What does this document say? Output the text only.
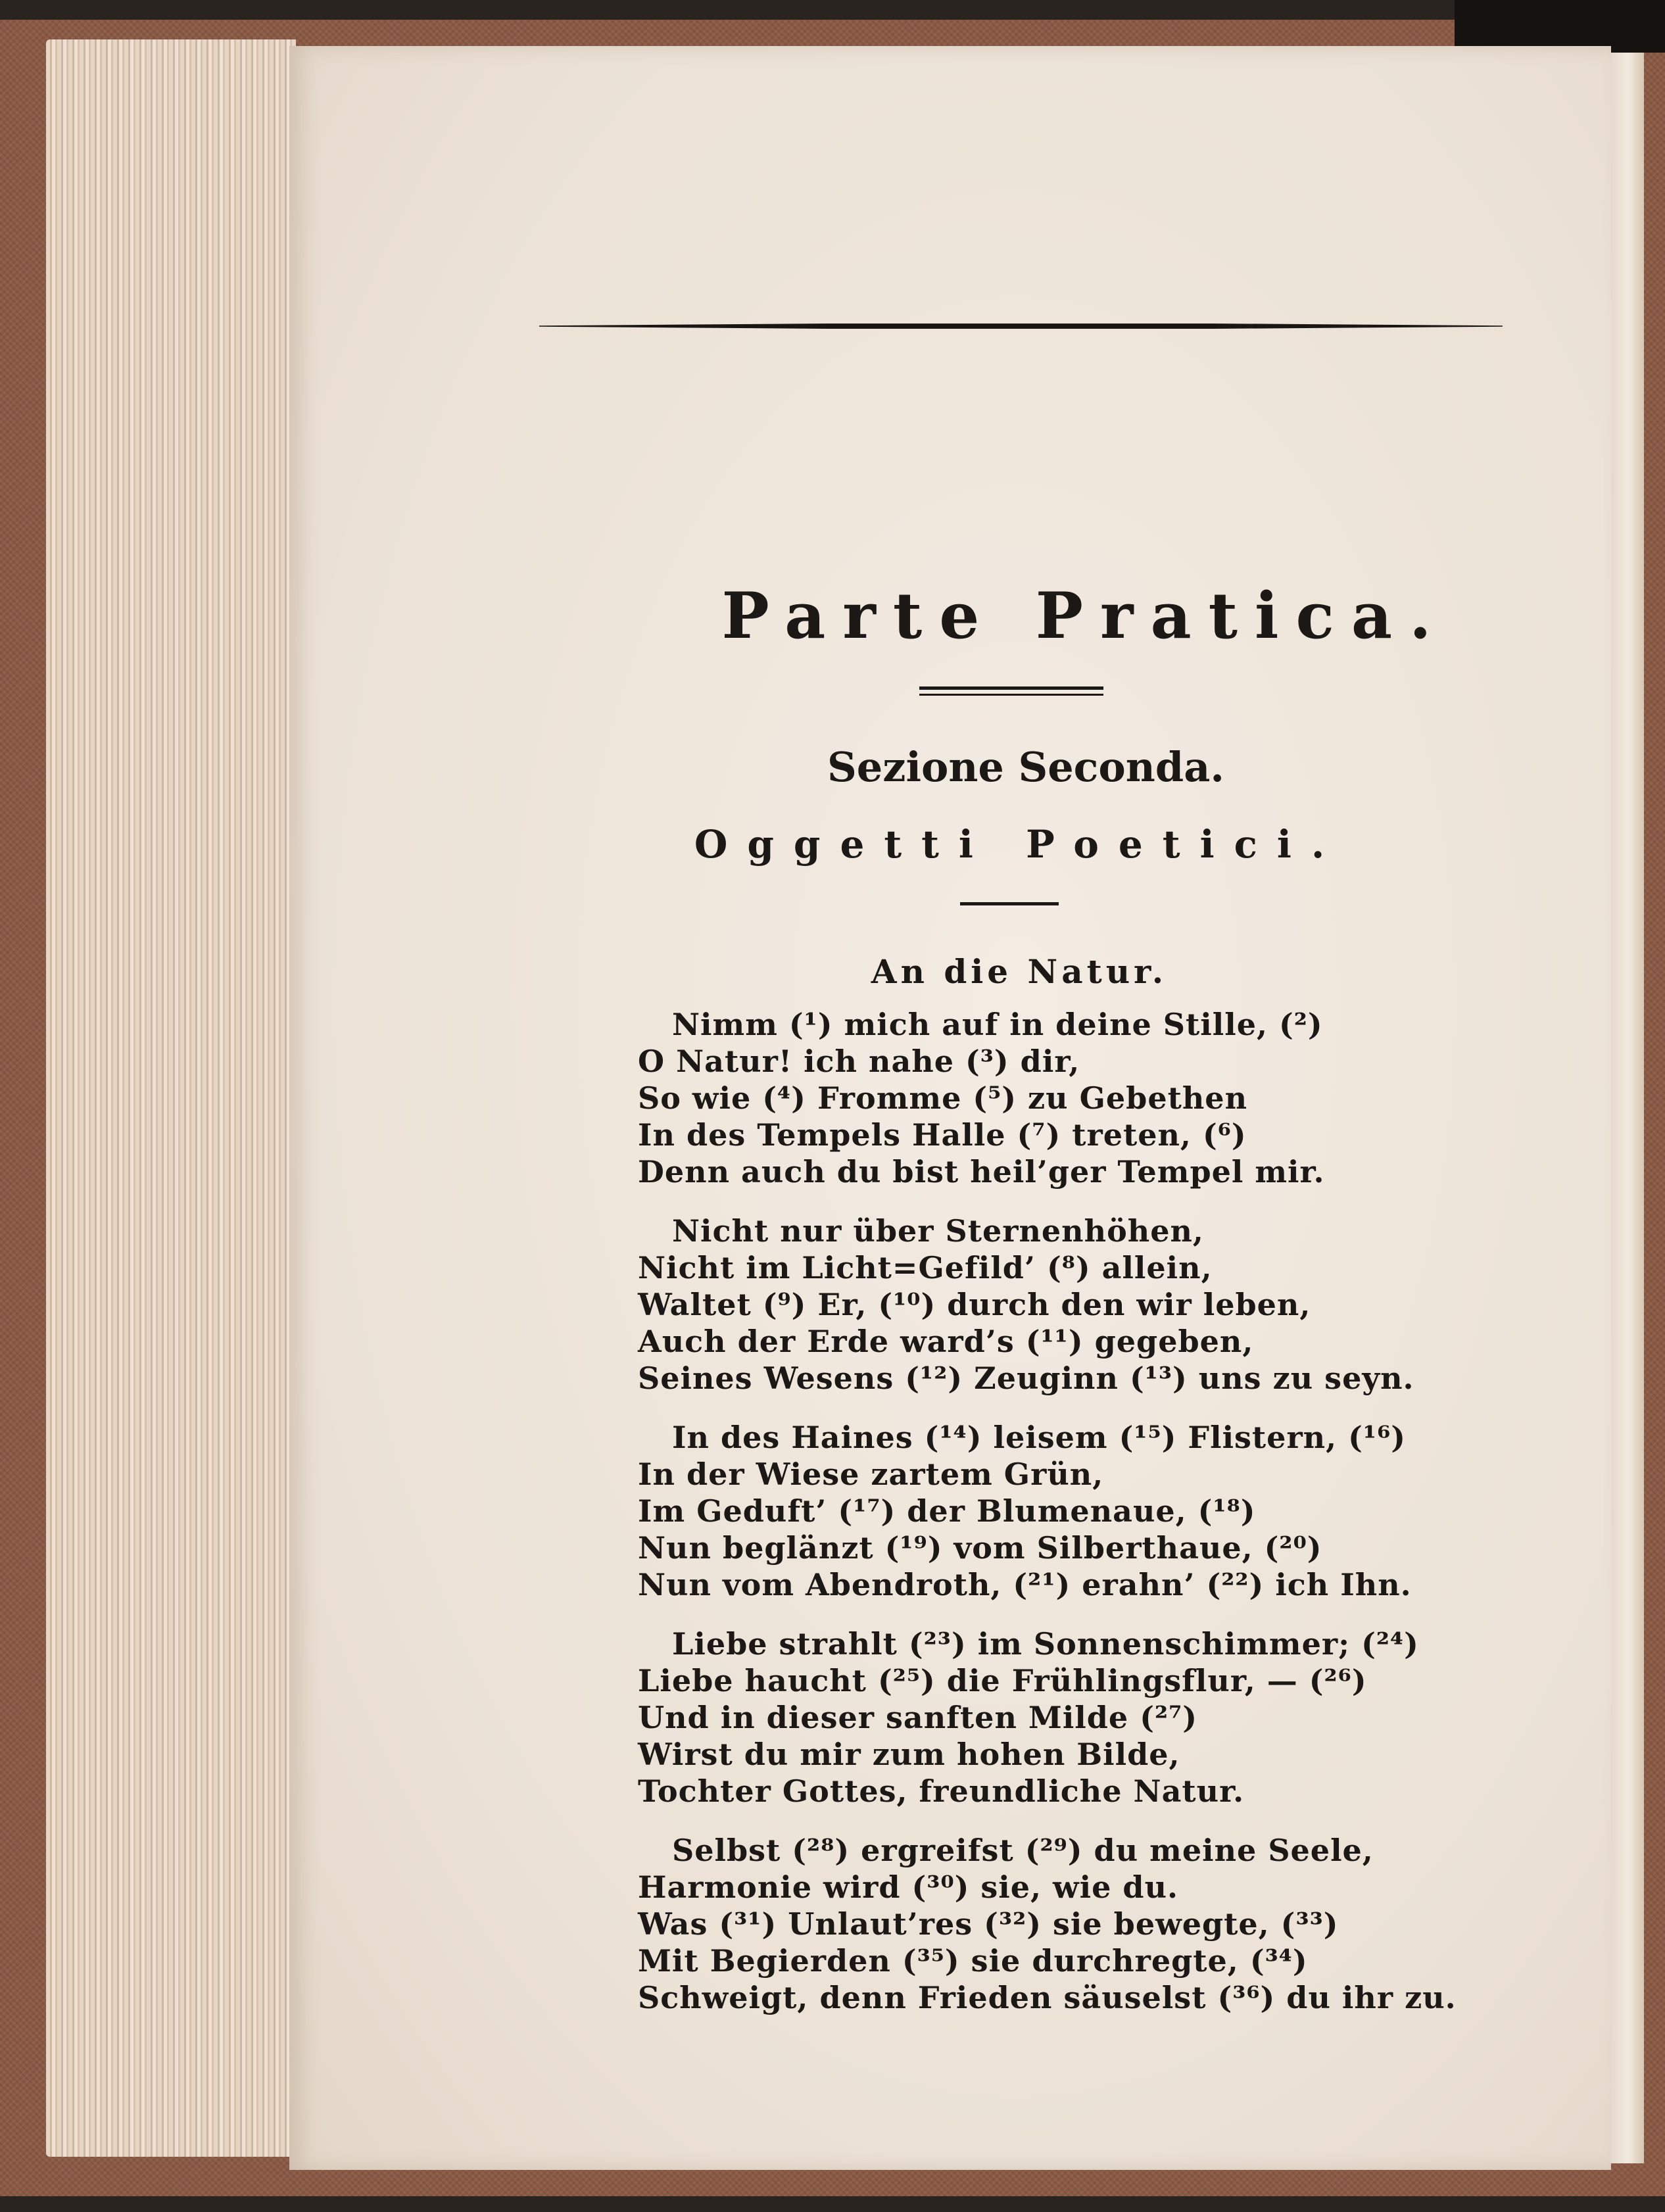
Parte Pratica.
Sezione Seconda.
Oggetti Poetici.
An die Natur.
Nimm (¹) mich auf in deine Stille, (²)
O Natur! ich nahe (³) dir,
So wie (⁴) Fromme (⁵) zu Gebethen
In des Tempels Halle (⁷) treten, (⁶)
Denn auch du bist heil’ger Tempel mir.
Nicht nur über Sternenhöhen,
Nicht im Licht=Gefild’ (⁸) allein,
Waltet (⁹) Er, (¹⁰) durch den wir leben,
Auch der Erde ward’s (¹¹) gegeben,
Seines Wesens (¹²) Zeuginn (¹³) uns zu seyn.
In des Haines (¹⁴) leisem (¹⁵) Flistern, (¹⁶)
In der Wiese zartem Grün,
Im Geduft’ (¹⁷) der Blumenaue, (¹⁸)
Nun beglänzt (¹⁹) vom Silberthaue, (²⁰)
Nun vom Abendroth, (²¹) erahn’ (²²) ich Ihn.
Liebe strahlt (²³) im Sonnenschimmer; (²⁴)
Liebe haucht (²⁵) die Frühlingsflur, — (²⁶)
Und in dieser sanften Milde (²⁷)
Wirst du mir zum hohen Bilde,
Tochter Gottes, freundliche Natur.
Selbst (²⁸) ergreifst (²⁹) du meine Seele,
Harmonie wird (³⁰) sie, wie du.
Was (³¹) Unlaut’res (³²) sie bewegte, (³³)
Mit Begierden (³⁵) sie durchregte, (³⁴)
Schweigt, denn Frieden säuselst (³⁶) du ihr zu.
